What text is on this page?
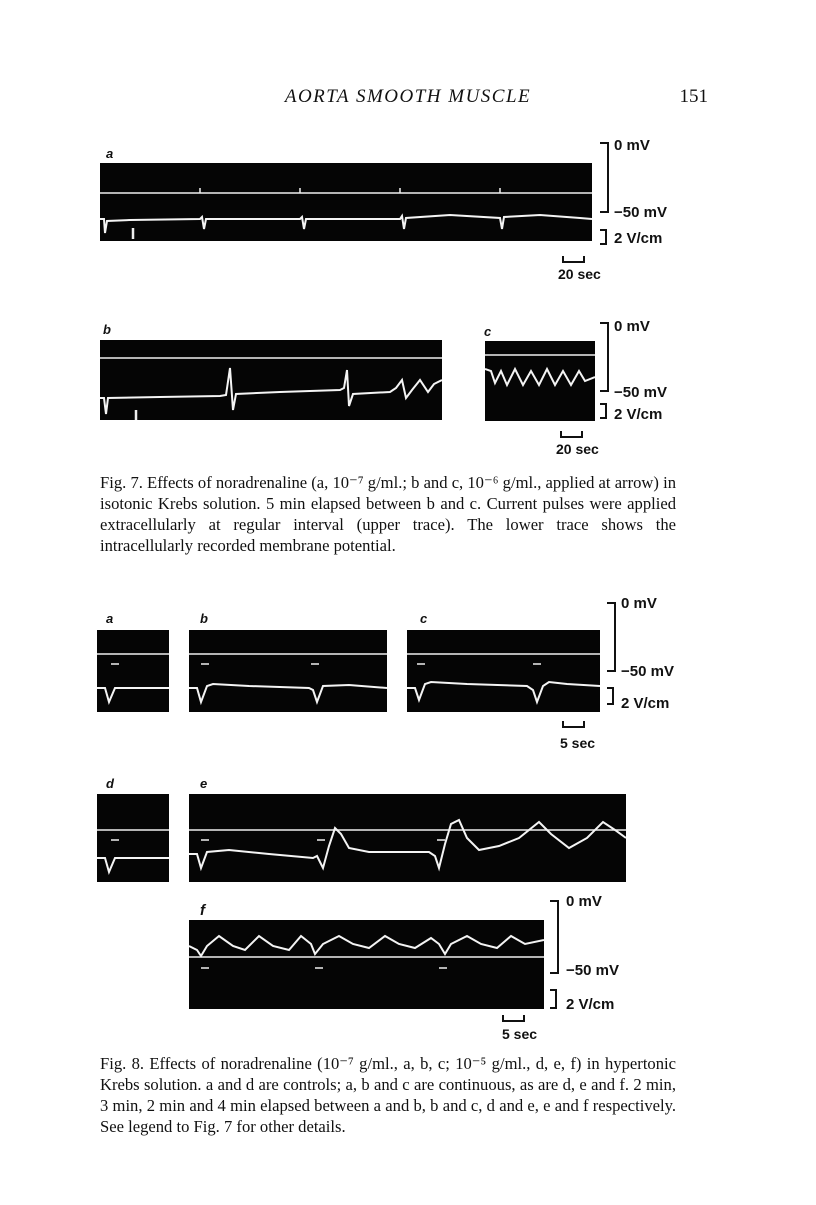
AORTA SMOOTH MUSCLE	151
a	0 mV
−50 mV
2 V/cm
20 sec
b	c	0 mV
−50 mV
2 V/cm
20 sec
Fig. 7. Effects of noradrenaline (a, 10⁻⁷ g/ml.; b and c, 10⁻⁶ g/ml., applied at arrow) in isotonic Krebs solution. 5 min elapsed between b and c. Current pulses were applied extracellularly at regular interval (upper trace). The lower trace shows the intracellularly recorded membrane potential.
a	b	c
0 mV
−50 mV
2 V/cm
5 sec
d	e
f
0 mV
−50 mV
2 V/cm
5 sec
Fig. 8. Effects of noradrenaline (10⁻⁷ g/ml., a, b, c; 10⁻⁵ g/ml., d, e, f) in hypertonic Krebs solution. a and d are controls; a, b and c are continuous, as are d, e and f. 2 min, 3 min, 2 min and 4 min elapsed between a and b, b and c, d and e, e and f respectively. See legend to Fig. 7 for other details.
